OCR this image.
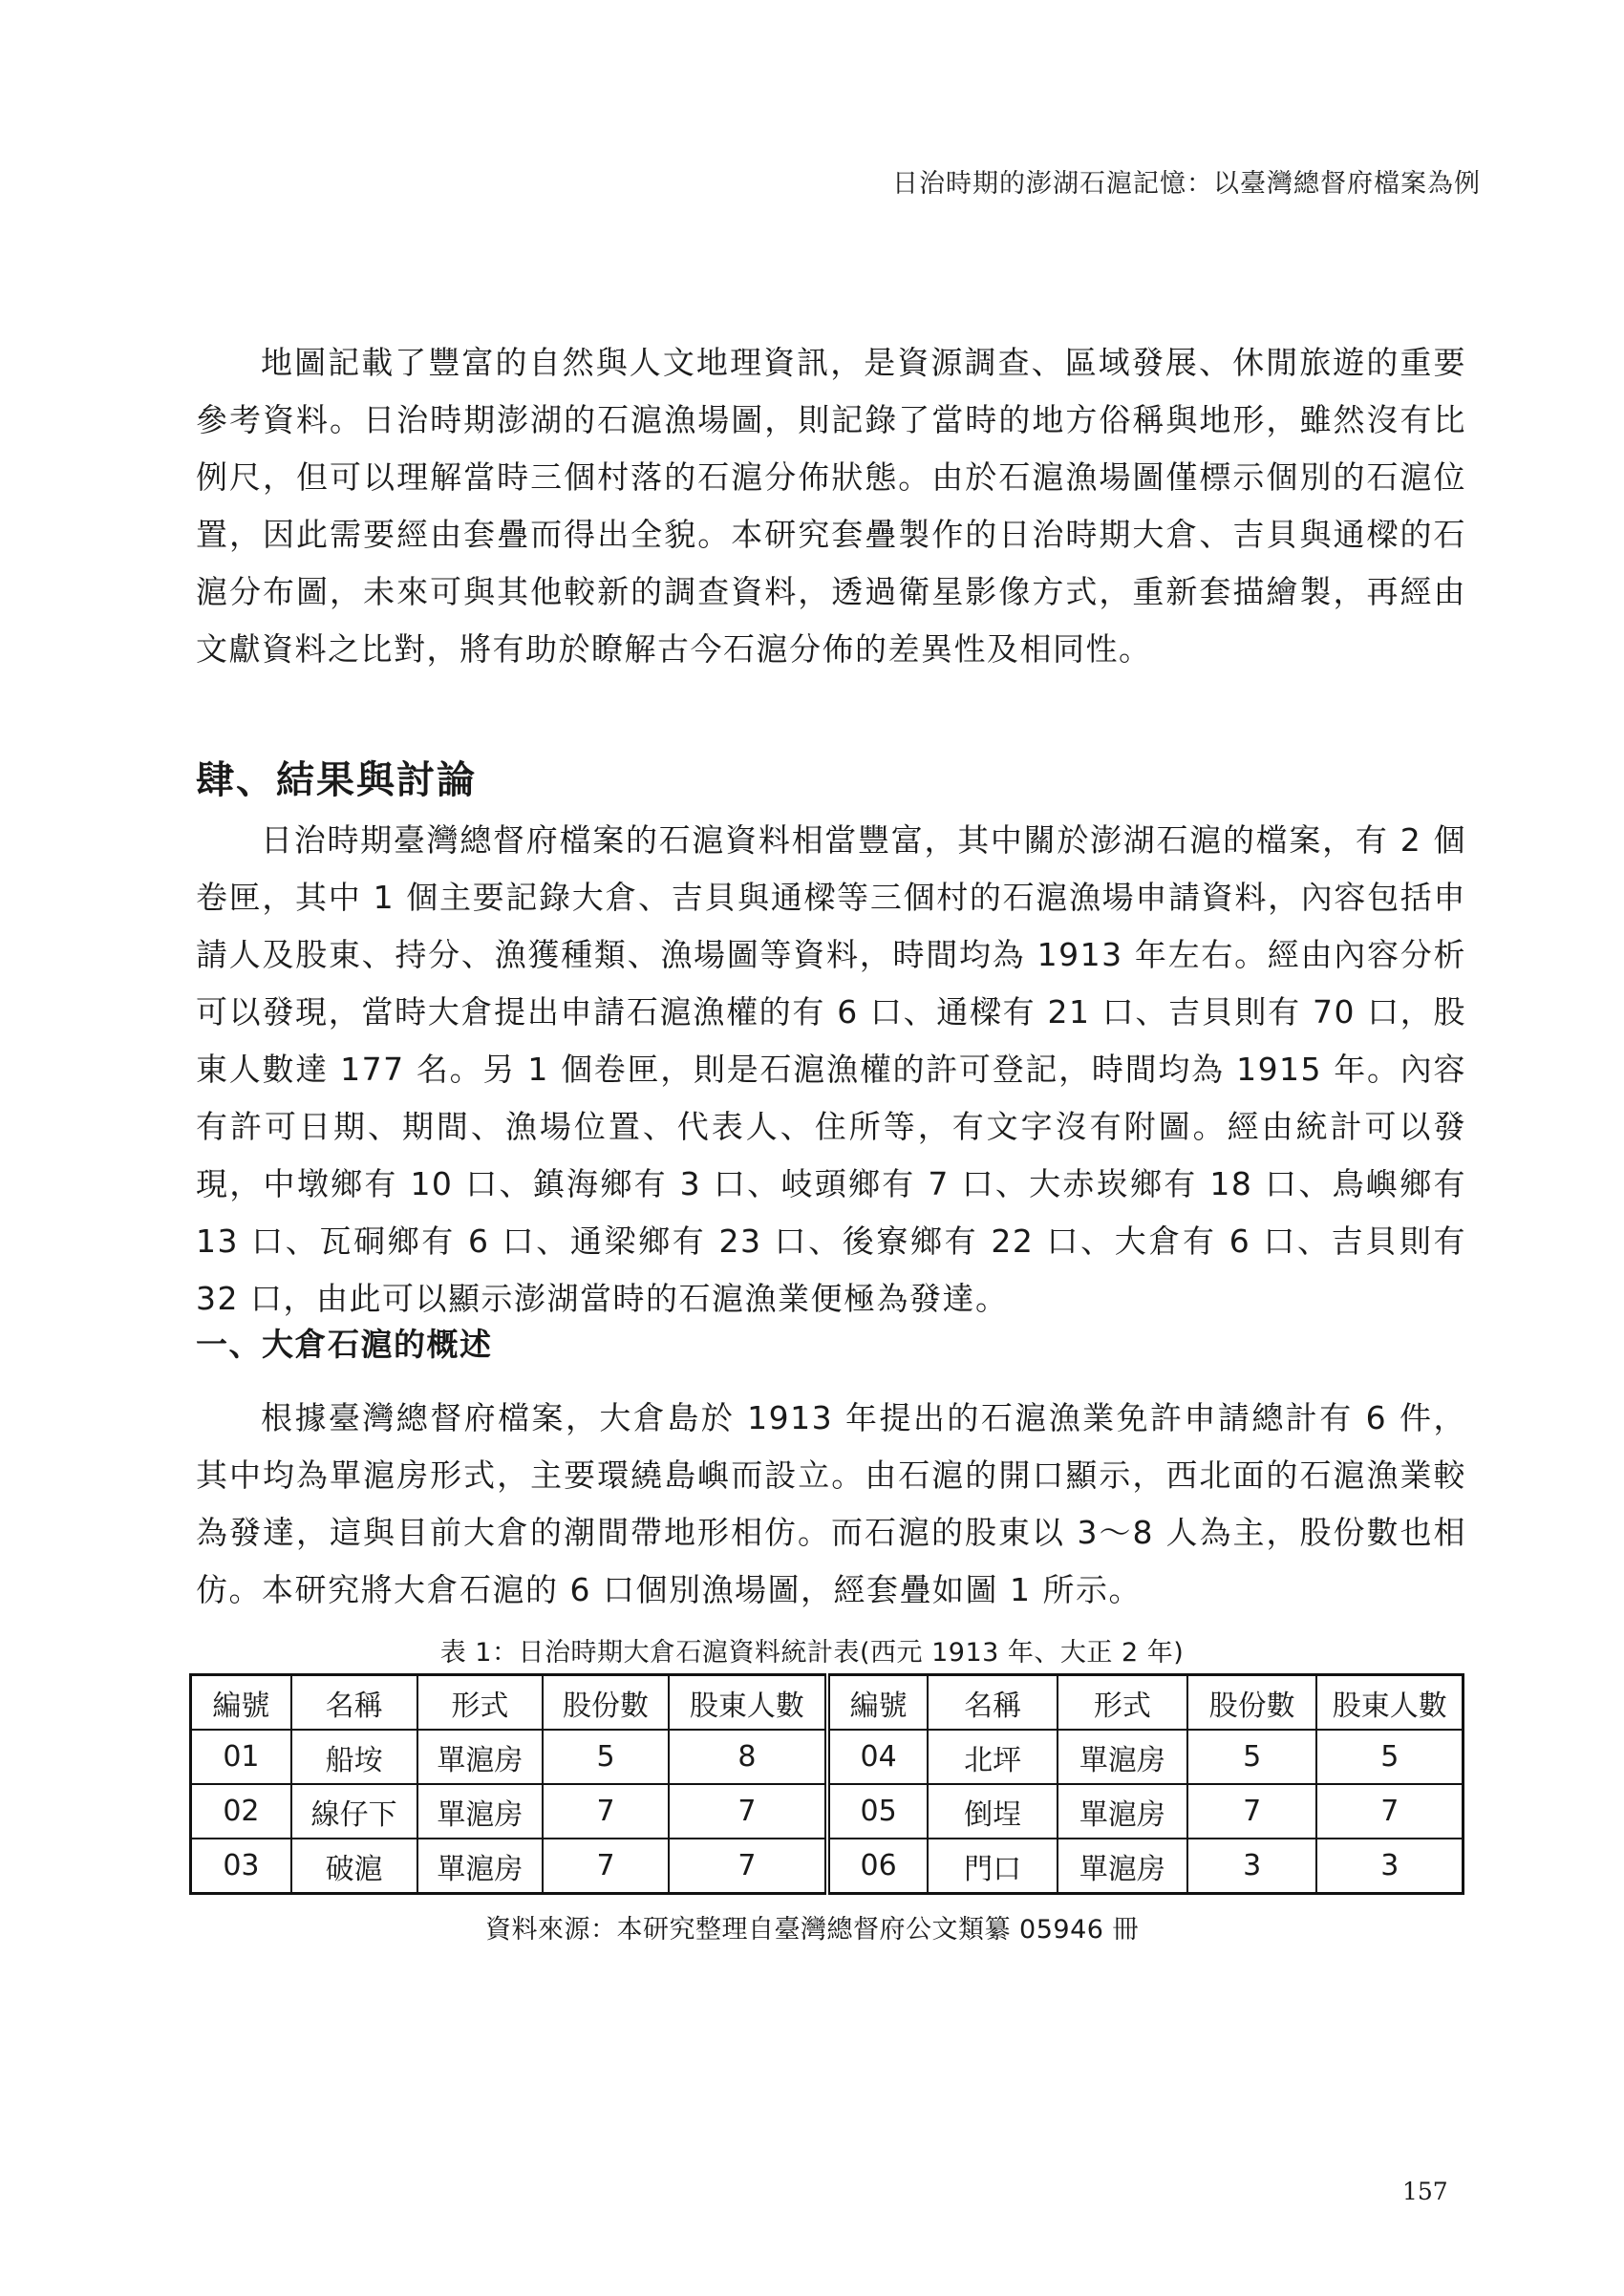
日治時期的澎湖石滬記憶：以臺灣總督府檔案為例

地圖記載了豐富的自然與人文地理資訊，是資源調查、區域發展、休閒旅遊的重要參考資料。日治時期澎湖的石滬漁場圖，則記錄了當時的地方俗稱與地形，雖然沒有比例尺，但可以理解當時三個村落的石滬分佈狀態。由於石滬漁場圖僅標示個別的石滬位置，因此需要經由套疊而得出全貌。本研究套疊製作的日治時期大倉、吉貝與通樑的石滬分布圖，未來可與其他較新的調查資料，透過衛星影像方式，重新套描繪製，再經由文獻資料之比對，將有助於瞭解古今石滬分佈的差異性及相同性。

肆、結果與討論

日治時期臺灣總督府檔案的石滬資料相當豐富，其中關於澎湖石滬的檔案，有 2 個卷匣，其中 1 個主要記錄大倉、吉貝與通樑等三個村的石滬漁場申請資料，內容包括申請人及股東、持分、漁獲種類、漁場圖等資料，時間均為 1913 年左右。經由內容分析可以發現，當時大倉提出申請石滬漁權的有 6 口、通樑有 21 口、吉貝則有 70 口，股東人數達 177 名。另 1 個卷匣，則是石滬漁權的許可登記，時間均為 1915 年。內容有許可日期、期間、漁場位置、代表人、住所等，有文字沒有附圖。經由統計可以發現，中墩鄉有 10 口、鎮海鄉有 3 口、岐頭鄉有 7 口、大赤崁鄉有 18 口、鳥嶼鄉有 13 口、瓦硐鄉有 6 口、通梁鄉有 23 口、後寮鄉有 22 口、大倉有 6 口、吉貝則有 32 口，由此可以顯示澎湖當時的石滬漁業便極為發達。

一、大倉石滬的概述

根據臺灣總督府檔案，大倉島於 1913 年提出的石滬漁業免許申請總計有 6 件，其中均為單滬房形式，主要環繞島嶼而設立。由石滬的開口顯示，西北面的石滬漁業較為發達，這與目前大倉的潮間帶地形相仿。而石滬的股東以 3～8 人為主，股份數也相仿。本研究將大倉石滬的 6 口個別漁場圖，經套疊如圖 1 所示。

表 1：日治時期大倉石滬資料統計表(西元 1913 年、大正 2 年)
編號	名稱	形式	股份數	股東人數	編號	名稱	形式	股份數	股東人數
01	船垵	單滬房	5	8	04	北坪	單滬房	5	5
02	線仔下	單滬房	7	7	05	倒埕	單滬房	7	7
03	破滬	單滬房	7	7	06	門口	單滬房	3	3
資料來源：本研究整理自臺灣總督府公文類纂 05946 冊
157
